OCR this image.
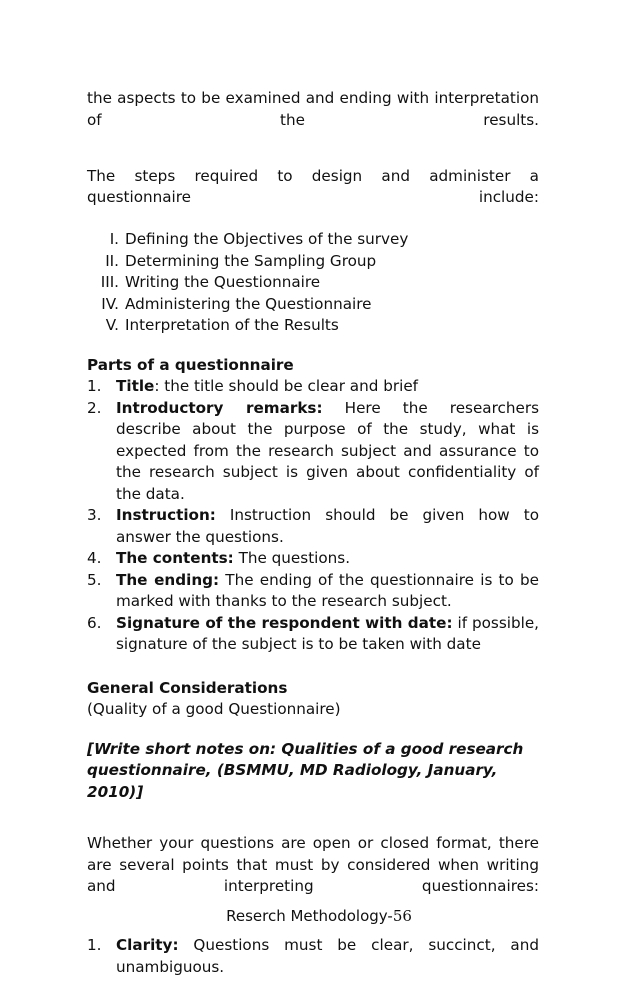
the aspects to be examined and ending with interpretation of the results.

The steps required to design and administer a questionnaire include:

I. Defining the Objectives of the survey
II. Determining the Sampling Group
III. Writing the Questionnaire
IV. Administering the Questionnaire
V. Interpretation of the Results

Parts of a questionnaire

1. Title: the title should be clear and brief
2. Introductory remarks: Here the researchers describe about the purpose of the study, what is expected from the research subject and assurance to the research subject is given about confidentiality of the data.
3. Instruction: Instruction should be given how to answer the questions.
4. The contents: The questions.
5. The ending: The ending of the questionnaire is to be marked with thanks to the research subject.
6. Signature of the respondent with date: if possible, signature of the subject is to be taken with date

General Considerations

(Quality of a good Questionnaire)

[Write short notes on: Qualities of a good research questionnaire, (BSMMU, MD Radiology, January, 2010)]

Whether your questions are open or closed format, there are several points that must by considered when writing and interpreting questionnaires:

1. Clarity: Questions must be clear, succinct, and unambiguous.
Reserch Methodology-56
